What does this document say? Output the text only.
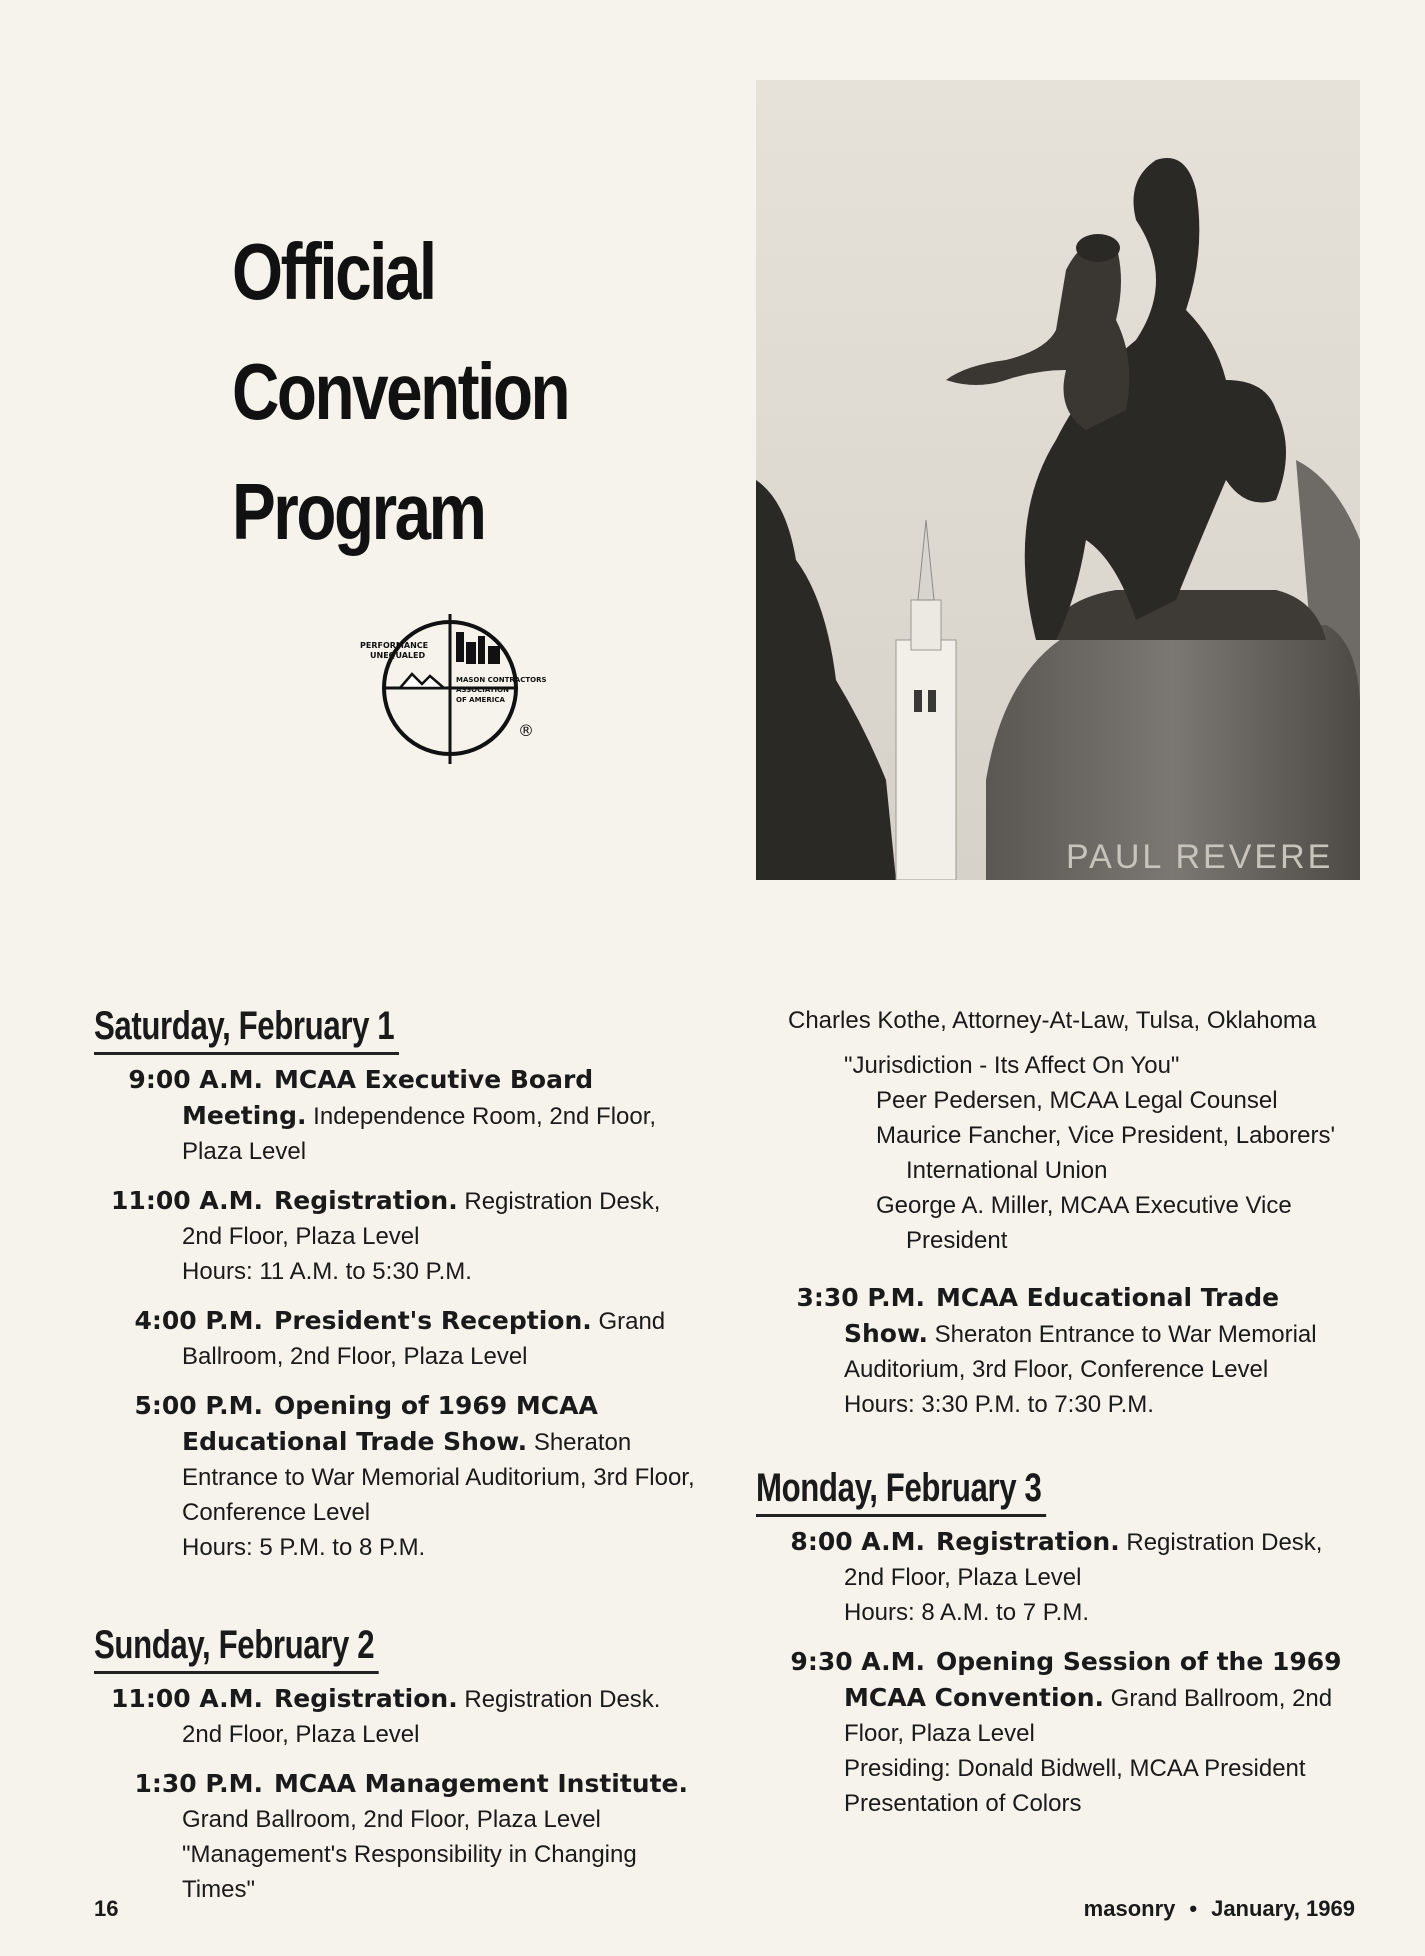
Official
Convention
Program
PERFORMANCE
UNEQUALED
MASON CONTRACTORS
ASSOCIATION
OF AMERICA
®
PAUL REVERE
Saturday, February 1
9:00 A.M. MCAA Executive Board Meeting. Independence Room, 2nd Floor, Plaza Level
11:00 A.M. Registration. Registration Desk, 2nd Floor, Plaza Level
Hours: 11 A.M. to 5:30 P.M.
4:00 P.M. President's Reception. Grand Ballroom, 2nd Floor, Plaza Level
5:00 P.M. Opening of 1969 MCAA Educational Trade Show. Sheraton Entrance to War Memorial Auditorium, 3rd Floor, Conference Level
Hours: 5 P.M. to 8 P.M.
Sunday, February 2
11:00 A.M. Registration. Registration Desk. 2nd Floor, Plaza Level
1:30 P.M. MCAA Management Institute.
Grand Ballroom, 2nd Floor, Plaza Level
"Management's Responsibility in Changing Times"
Charles Kothe, Attorney-At-Law, Tulsa, Oklahoma
"Jurisdiction - Its Affect On You"
Peer Pedersen, MCAA Legal Counsel
Maurice Fancher, Vice President, Laborers' International Union
George A. Miller, MCAA Executive Vice President
3:30 P.M. MCAA Educational Trade Show. Sheraton Entrance to War Memorial Auditorium, 3rd Floor, Conference Level
Hours: 3:30 P.M. to 7:30 P.M.
Monday, February 3
8:00 A.M. Registration. Registration Desk, 2nd Floor, Plaza Level
Hours: 8 A.M. to 7 P.M.
9:30 A.M. Opening Session of the 1969 MCAA Convention. Grand Ballroom, 2nd Floor, Plaza Level
Presiding: Donald Bidwell, MCAA President
Presentation of Colors
16	masonry • January, 1969
